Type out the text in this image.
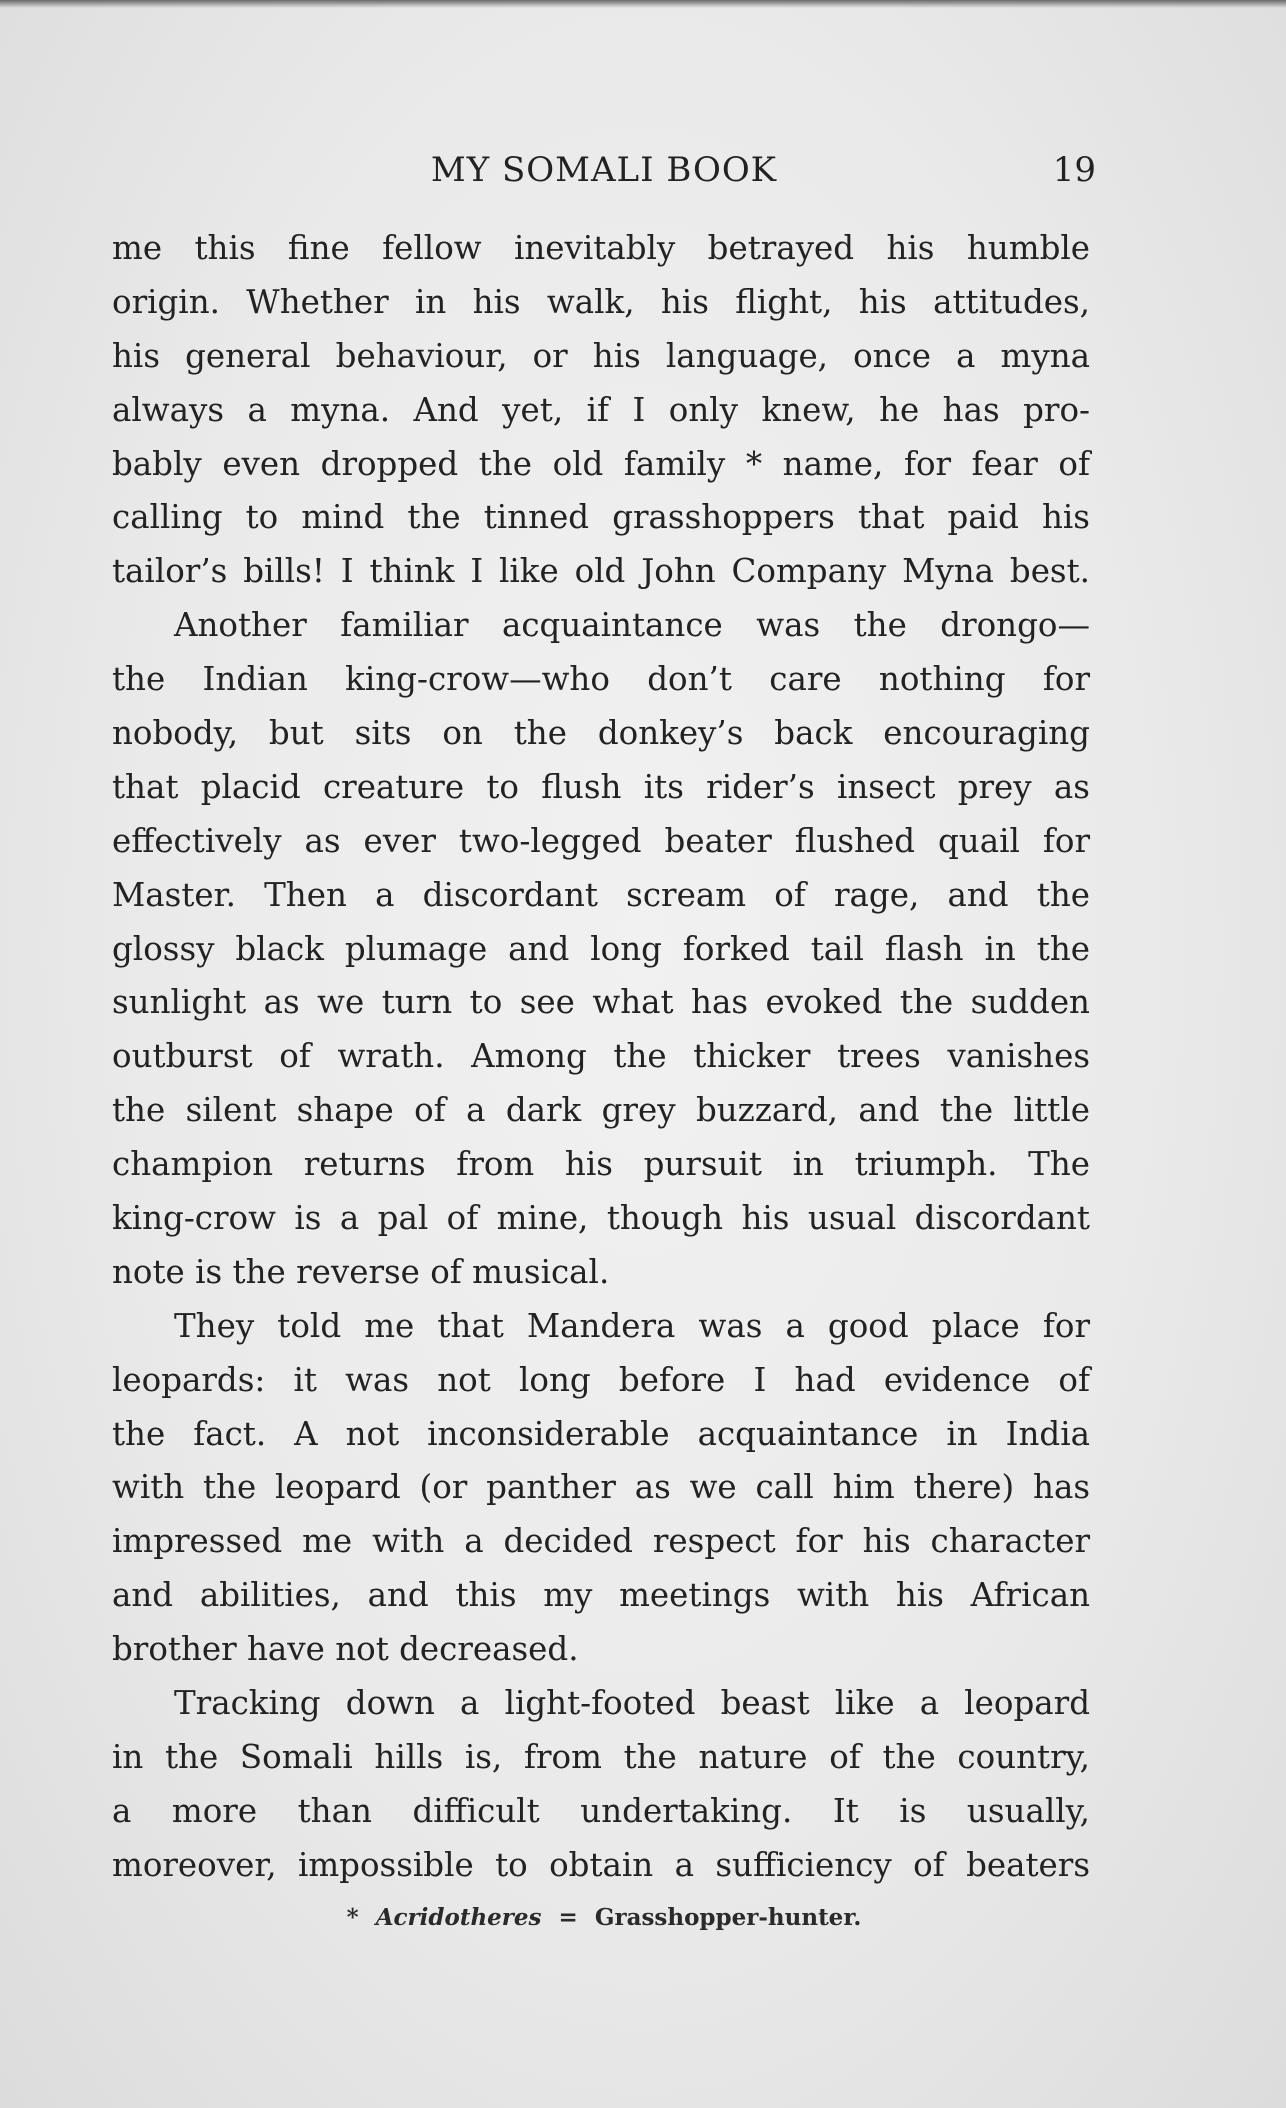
MY SOMALI BOOK	19
me this fine fellow inevitably betrayed his humble
origin. Whether in his walk, his flight, his attitudes,
his general behaviour, or his language, once a myna
always a myna. And yet, if I only knew, he has pro-
bably even dropped the old family * name, for fear of
calling to mind the tinned grasshoppers that paid his
tailor’s bills! I think I like old John Company Myna best.
Another familiar acquaintance was the drongo—
the Indian king-crow—who don’t care nothing for
nobody, but sits on the donkey’s back encouraging
that placid creature to flush its rider’s insect prey as
effectively as ever two-legged beater flushed quail for
Master. Then a discordant scream of rage, and the
glossy black plumage and long forked tail flash in the
sunlight as we turn to see what has evoked the sudden
outburst of wrath. Among the thicker trees vanishes
the silent shape of a dark grey buzzard, and the little
champion returns from his pursuit in triumph. The
king-crow is a pal of mine, though his usual discordant
note is the reverse of musical.
They told me that Mandera was a good place for
leopards: it was not long before I had evidence of
the fact. A not inconsiderable acquaintance in India
with the leopard (or panther as we call him there) has
impressed me with a decided respect for his character
and abilities, and this my meetings with his African
brother have not decreased.
Tracking down a light-footed beast like a leopard
in the Somali hills is, from the nature of the country,
a more than difficult undertaking. It is usually,
moreover, impossible to obtain a sufficiency of beaters
* Acridotheres = Grasshopper-hunter.
